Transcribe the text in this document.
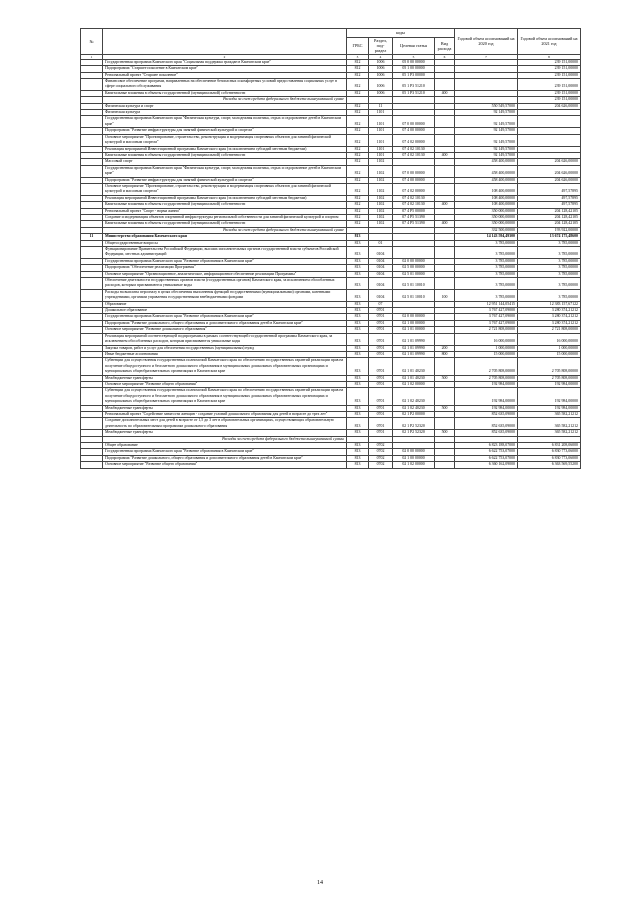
№		коды				Годовой объем ассигнований на 2020 год	Годовой объем ассигнований на 2021 год
		ГРБС	Раздел, под-раздел	Целевая статья	Вид расхода		
1	2	3	4	5	6	7	8
	Государственная программа Камчатского края "Социальная поддержка граждан в Камчатском крае"	812	1006	05 0 00 00000			239 151,00000
	Подпрограмма "Старшее поколение в Камчатском крае"	812	1006	05 1 00 00000			239 151,00000
	Региональный проект "Старшее поколение"	812	1006	05 1 P3 00000			239 151,00000
	Финансовое обеспечение программ, направленных на обеспечение безопасных и комфортных условий предоставления социальных услуг в сфере социального обслуживания	812	1006	05 1 P3 51210			239 151,00000
	Капитальные вложения в объекты государственной (муниципальной) собственности	812	1006	05 1 P3 51210	400		239 151,00000
	Расходы за счет средств федерального бюджета вышеуказанной сумме						239 151,00000
	Физическая культура и спорт	812	11			550 549,57000	204 626,00000
	Физическая культура	812	1101			92 149,57000	
	Государственная программа Камчатского края "Физическая культура, спорт, молодежная политика, отдых и оздоровление детей в Камчатском крае"	812	1101	07 0 00 00000		92 149,57000	
	Подпрограмма "Развитие инфраструктуры для занятий физической культурой и спортом"	812	1101	07 4 00 00000		92 149,57000	
	Основное мероприятие "Проектирование, строительство, реконструкция и модернизация спортивных объектов для занятий физической культурой и массовым спортом"	812	1101	07 4 02 00000		92 149,57000	
	Реализация мероприятий Инвестиционной программы Камчатского края (за исключением субсидий местным бюджетам)	812	1101	07 4 02 10130		92 149,57000	
	Капитальные вложения в объекты государственной (муниципальной) собственности	812	1101	07 4 02 10130	400	92 149,57000	
	Массовый спорт	812	1102			458 400,00000	204 626,00000
	Государственная программа Камчатского края "Физическая культура, спорт, молодежная политика, отдых и оздоровление детей в Камчатском крае"	812	1102	07 0 00 00000		458 400,00000	204 626,00000
	Подпрограмма "Развитие инфраструктуры для занятий физической культурой и спортом"	812	1102	07 4 00 00000		458 400,00000	204 626,00000
	Основное мероприятие "Проектирование, строительство, реконструкция и модернизация спортивных объектов для занятий физической культурой и массовым спортом"	812	1102	07 4 02 00000		108 400,00000	497,57895
	Реализация мероприятий Инвестиционной программы Камчатского края (за исключением субсидий местным бюджетам)	812	1102	07 4 02 10130		108 400,00000	497,57895
	Капитальные вложения в объекты государственной (муниципальной) собственности	812	1102	07 4 02 10130	400	108 400,00000	497,57895
	Региональный проект "Спорт - норма жизни"	812	1102	07 4 P5 00000		350 000,00000	204 128,42105
	Создание и модернизация объектов спортивной инфраструктуры региональной собственности для занятий физической культурой и спортом	812	1102	07 4 P5 51390		350 000,00000	204 128,42105
	Капитальные вложения в объекты государственной (муниципальной) собственности	812	1102	07 4 P5 51390	400	350 000,00000	204 128,42105
	Расходы за счет средств федерального бюджета вышеуказанной сумме					332 500,00000	193 922,00000
11	Министерство образования Камчатского края	813				14 143 594,49300	13 674 175,48600
	Общегосударственные вопросы	813	01			3 785,00000	3 785,00000
	Функционирование Правительства Российской Федерации, высших исполнительных органов государственной власти субъектов Российской Федерации, местных администраций	813	0104			3 785,00000	3 785,00000
	Государственная программа Камчатского края "Развитие образования в Камчатском крае"	813	0104	02 0 00 00000		3 785,00000	3 785,00000
	Подпрограмма "Обеспечение реализации Программы"	813	0104	02 5 00 00000		3 785,00000	3 785,00000
	Основное мероприятие "Организационное, аналитическое, информационное обеспечение реализации Программы"	813	0104	02 5 01 00000		3 785,00000	3 785,00000
	Обеспечение деятельности государственных органов власти (государственных органов) Камчатского края, за исключением обособленных расходов, которым присваиваются уникальные коды	813	0104	02 5 01 10010		3 785,00000	3 785,00000
	Расходы на выплаты персоналу в целях обеспечения выполнения функций государственными (муниципальными) органами, казенными учреждениями, органами управления государственными внебюджетными фондами	813	0104	02 5 01 10010	100	3 785,00000	3 785,00000
	Образование	813	07			12 951 144,05415	12 383 157,67122
	Дошкольное образование	813	0701			3 767 427,09000	3 280 374,21212
	Государственная программа Камчатского края "Развитие образования в Камчатском крае"	813	0701	02 0 00 00000		3 767 427,09000	3 280 374,21212
	Подпрограмма "Развитие дошкольного, общего образования и дополнительного образования детей в Камчатском крае"	813	0701	02 1 00 00000		3 767 427,09000	3 280 374,21212
	Основное мероприятие "Развитие дошкольного образования"	813	0701	02 1 01 00000		2 721 808,00000	2 721 808,00000
	Реализация мероприятий соответствующей подпрограммы в рамках соответствующей государственной программы Камчатского края, за исключением обособленных расходов, которым присваиваются уникальные коды	813	0701	02 1 01 09990		16 000,00000	16 000,00000
	Закупка товаров, работ и услуг для обеспечения государственных (муниципальных) нужд	813	0701	02 1 01 09990	200	1 000,00000	1 000,00000
	Иные бюджетные ассигнования	813	0701	02 1 01 09990	800	15 000,00000	15 000,00000
	Субвенции для осуществления государственных полномочий Камчатского края по обеспечению государственных гарантий реализации прав на получение общедоступного и бесплатного дошкольного образования в муниципальных дошкольных образовательных организациях и муниципальных общеобразовательных организациях в Камчатском крае	813	0701	02 1 01 40230		2 705 808,00000	2 705 808,00000
	Межбюджетные трансферты	813	0701	02 1 01 40230	500	2 705 808,00000	2 705 808,00000
	Основное мероприятие "Развитие общего образования"	813	0701	02 1 02 00000		192 984,00000	192 984,00000
	Субвенции для осуществления государственных полномочий Камчатского края по обеспечению государственных гарантий реализации прав на получение общедоступного и бесплатного дошкольного образования в муниципальных дошкольных образовательных организациях и муниципальных общеобразовательных организациях в Камчатском крае	813	0701	02 1 02 40230		192 984,00000	192 984,00000
	Межбюджетные трансферты	813	0701	02 1 02 40230	500	192 984,00000	192 984,00000
	Региональный проект "Содействие занятости женщин - создание условий дошкольного образования для детей в возрасте до трех лет"	813	0701	02 1 P2 00000		852 635,09000	365 582,21212
	Создание дополнительных мест для детей в возрасте от 1,5 до 3 лет в образовательных организациях, осуществляющих образовательную деятельность по образовательным программам дошкольного образования	813	0701	02 1 P2 52320		852 635,09000	365 582,21212
	Межбюджетные трансферты	813	0701	02 1 P2 52320	500	852 635,09000	365 582,21212
	Расходы за счет средств федерального бюджета вышеуказанной суммы						
	Общее образование	813	0702			6 823 188,07000	6 831 208,06000
	Государственная программа Камчатского края "Развитие образования в Камчатском крае"	813	0702	02 0 00 00000		6 622 753,07000	6 830 773,06000
	Подпрограмма "Развитие дошкольного, общего образования и дополнительного образования детей в Камчатском крае"	813	0702	02 1 00 00000		6 622 753,07000	6 830 773,06000
	Основное мероприятие "Развитие общего образования"	813	0702	02 1 02 00000		6 360 162,09000	6 363 569,55200
14
